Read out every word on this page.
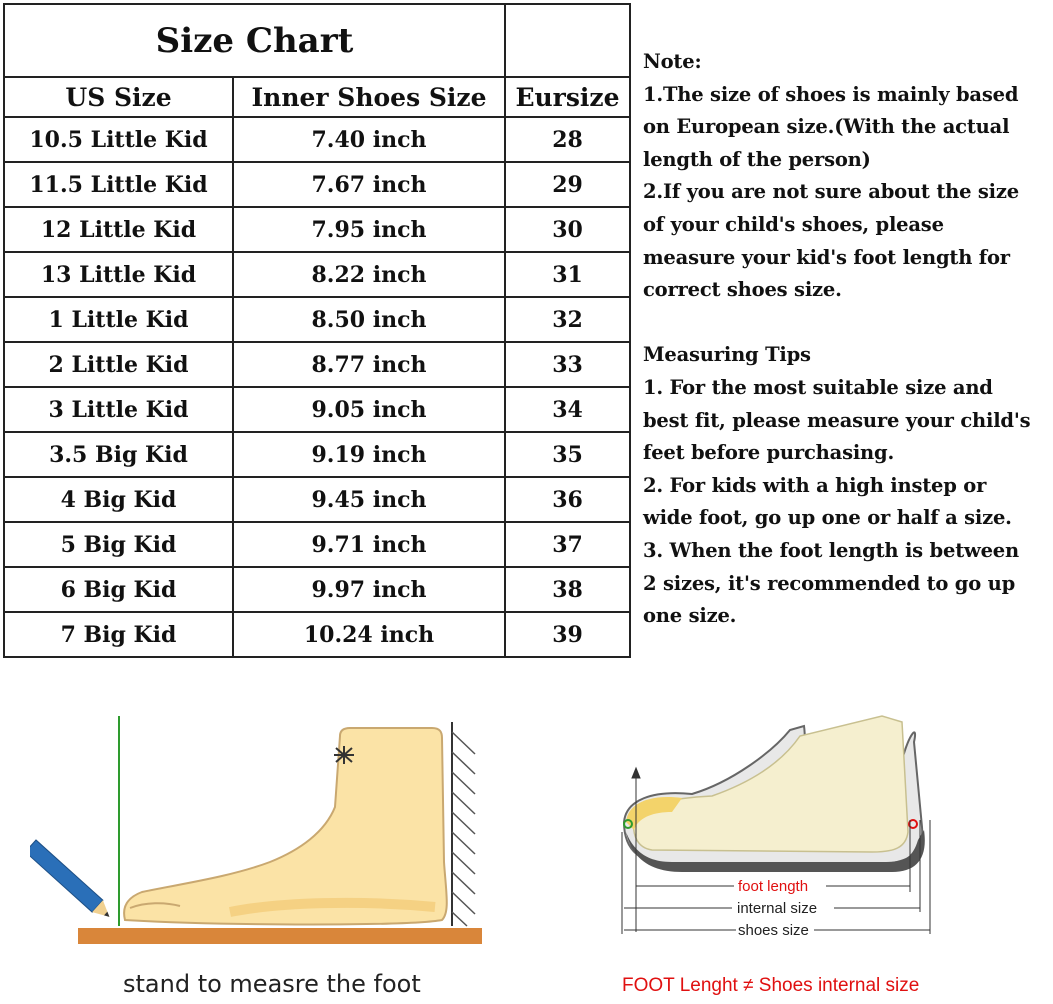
Size Chart		
US Size	Inner Shoes Size	Eursize
10.5 Little Kid	7.40 inch	28
11.5 Little Kid	7.67 inch	29
12 Little Kid	7.95 inch	30
13 Little Kid	8.22 inch	31
1 Little Kid	8.50 inch	32
2 Little Kid	8.77 inch	33
3 Little Kid	9.05 inch	34
3.5 Big Kid	9.19 inch	35
4 Big Kid	9.45 inch	36
5 Big Kid	9.71 inch	37
6 Big Kid	9.97 inch	38
7 Big Kid	10.24 inch	39
Note:
1.The size of shoes is mainly based
on European size.(With the actual
length of the person)
2.If you are not sure about the size
of your child's shoes, please
measure your kid's foot length for
correct shoes size.

Measuring Tips
1. For the most suitable size and
best fit, please measure your child's
feet before purchasing.
2. For kids with a high instep or
wide foot, go up one or half a size.
3. When the foot length is between
2 sizes, it's recommended to go up
one size.
stand to measre the foot
foot length
internal size
shoes size
FOOT Lenght ≠ Shoes internal size
